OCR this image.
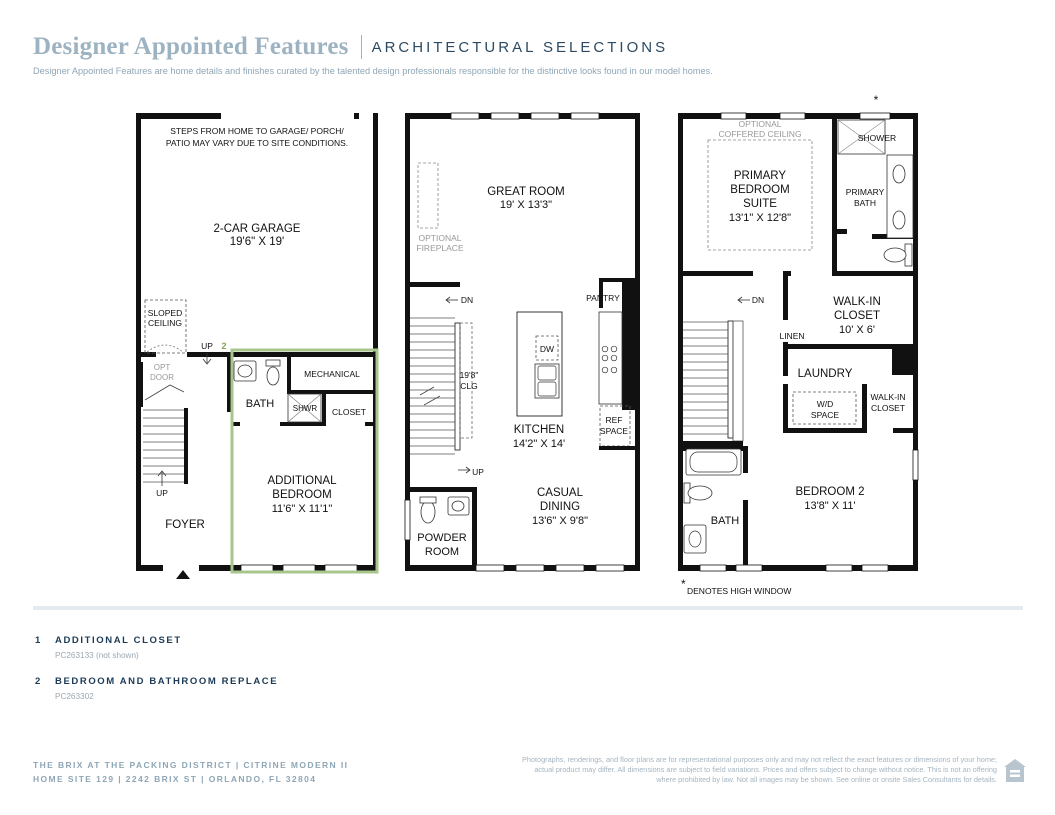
Designer Appointed Features ARCHITECTURAL SELECTIONS
Designer Appointed Features are home details and finishes curated by the talented design professionals responsible for the distinctive looks found in our model homes.
STEPS FROM HOME TO GARAGE/ PORCH/
PATIO MAY VARY DUE TO SITE CONDITIONS.
2-CAR GARAGE
19'6" X 19'
SLOPED
CEILING
UP 2
OPT
DOOR
UP
FOYER
BATH
MECHANICAL
SHWR CLOSET
ADDITIONAL
BEDROOM
11'6" X 11'1"
GREAT ROOM
19' X 13'3"
OPTIONAL
FIREPLACE
DN	PANTRY
19'8"
CLG
DW
REF
SPACE
KITCHEN
14'2" X 14'
UP
CASUAL
DINING
13'6" X 9'8"
POWDER
ROOM
*
OPTIONAL
COFFERED CEILING
PRIMARY
BEDROOM
SUITE
13'1" X 12'8"
SHOWER
PRIMARY
BATH
DN	WALK-IN
CLOSET
10' X 6'
LINEN
LAUNDRY
W/D
SPACE
WALK-IN
CLOSET
BEDROOM 2
13'8" X 11'
BATH
* DENOTES HIGH WINDOW
1 ADDITIONAL CLOSET
PC263133 (not shown)
2 BEDROOM AND BATHROOM REPLACE
PC263302
THE BRIX AT THE PACKING DISTRICT | CITRINE MODERN II
HOME SITE 129 | 2242 BRIX ST | ORLANDO, FL 32804
Photographs, renderings, and floor plans are for representational purposes only and may not reflect the exact features or dimensions of your home; actual product may differ. All dimensions are subject to field variations. Prices and offers subject to change without notice. This is not an offering where prohibited by law. Not all images may be shown. See online or onsite Sales Consultants for details.
